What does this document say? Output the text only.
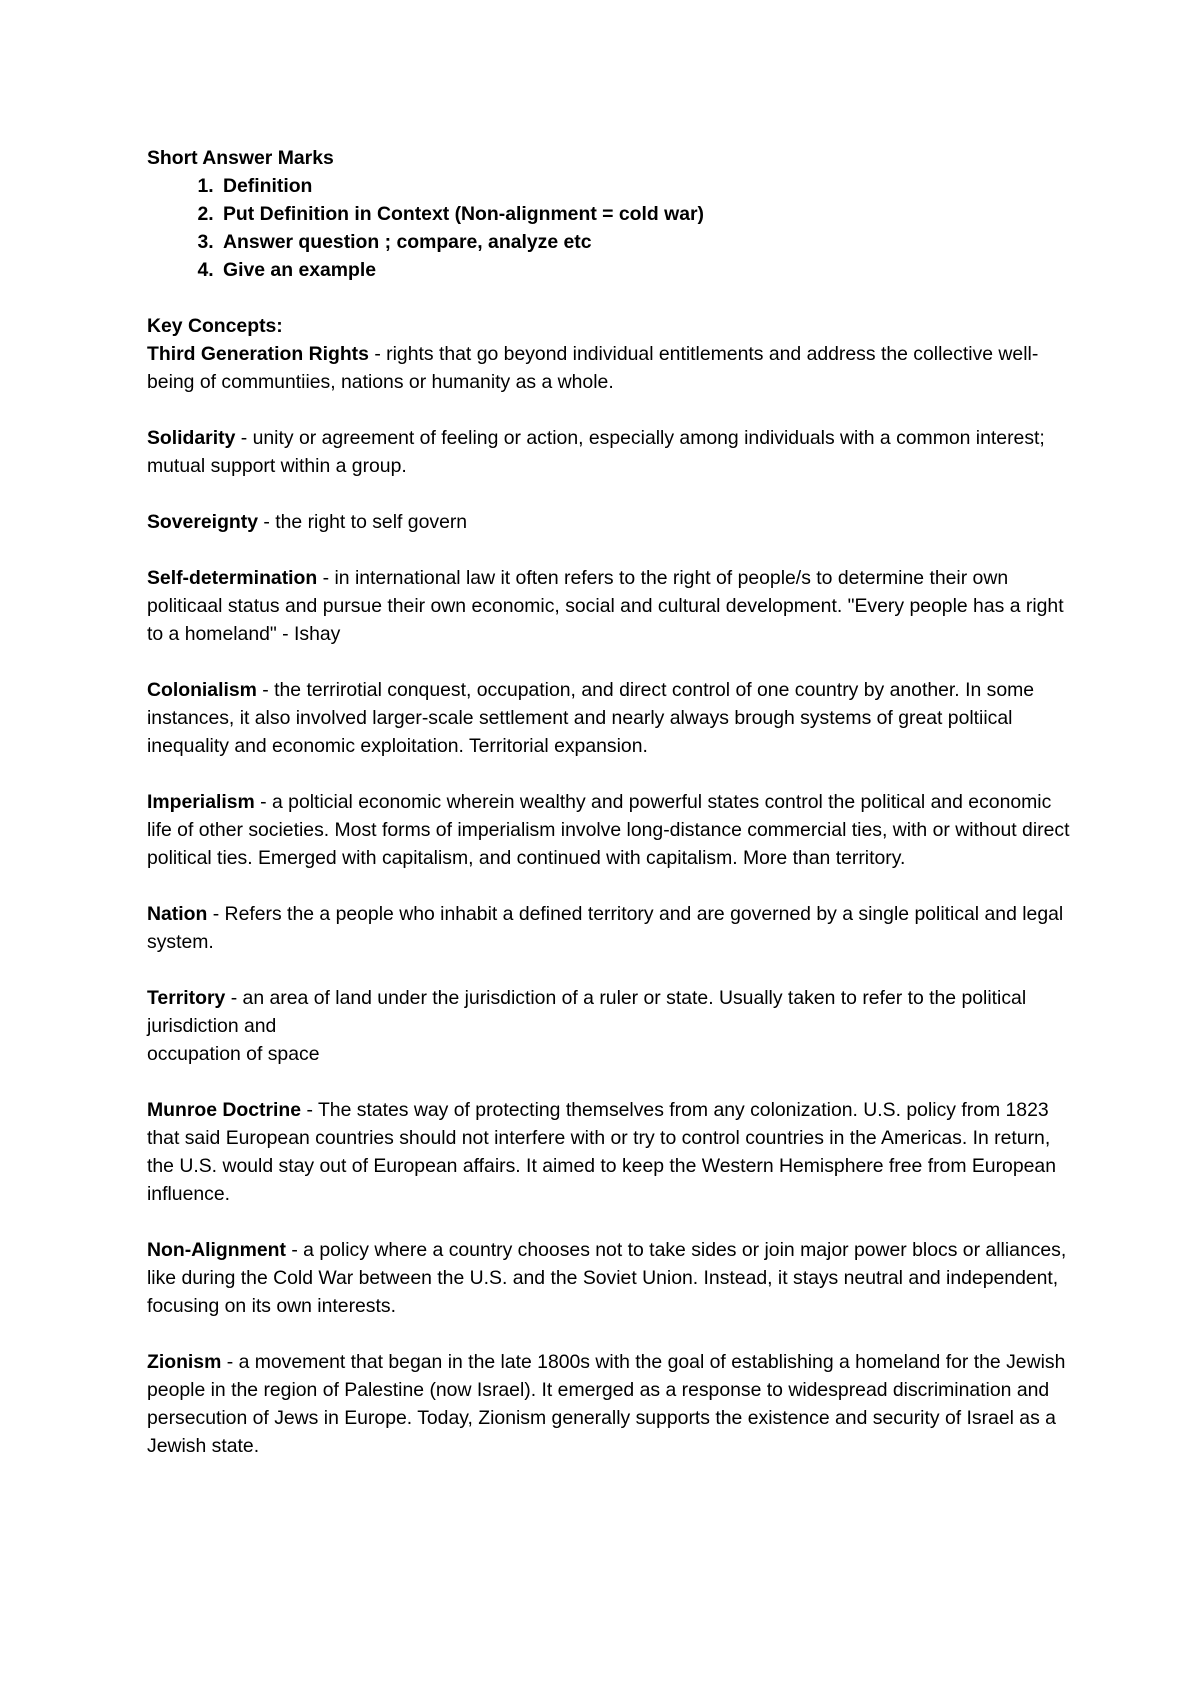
Short Answer Marks

1. Definition
2. Put Definition in Context (Non-alignment = cold war)
3. Answer question ; compare, analyze etc
4. Give an example

Key Concepts:

Third Generation Rights - rights that go beyond individual entitlements and address the collective well-being of communtiies, nations or humanity as a whole.

Solidarity - unity or agreement of feeling or action, especially among individuals with a common interest; mutual support within a group.

Sovereignty - the right to self govern

Self-determination - in international law it often refers to the right of people/s to determine their own politicaal status and pursue their own economic, social and cultural development. "Every people has a right to a homeland" - Ishay

Colonialism - the terrirotial conquest, occupation, and direct control of one country by another. In some instances, it also involved larger-scale settlement and nearly always brough systems of great poltiical inequality and economic exploitation. Territorial expansion.

Imperialism - a polticial economic wherein wealthy and powerful states control the political and economic life of other societies. Most forms of imperialism involve long-distance commercial ties, with or without direct political ties. Emerged with capitalism, and continued with capitalism. More than territory.

Nation - Refers the a people who inhabit a defined territory and are governed by a single political and legal system.

Territory - an area of land under the jurisdiction of a ruler or state. Usually taken to refer to the political jurisdiction and
occupation of space

Munroe Doctrine - The states way of protecting themselves from any colonization. U.S. policy from 1823 that said European countries should not interfere with or try to control countries in the Americas. In return, the U.S. would stay out of European affairs. It aimed to keep the Western Hemisphere free from European influence.

Non-Alignment - a policy where a country chooses not to take sides or join major power blocs or alliances, like during the Cold War between the U.S. and the Soviet Union. Instead, it stays neutral and independent, focusing on its own interests.

Zionism - a movement that began in the late 1800s with the goal of establishing a homeland for the Jewish people in the region of Palestine (now Israel). It emerged as a response to widespread discrimination and persecution of Jews in Europe. Today, Zionism generally supports the existence and security of Israel as a Jewish state.
